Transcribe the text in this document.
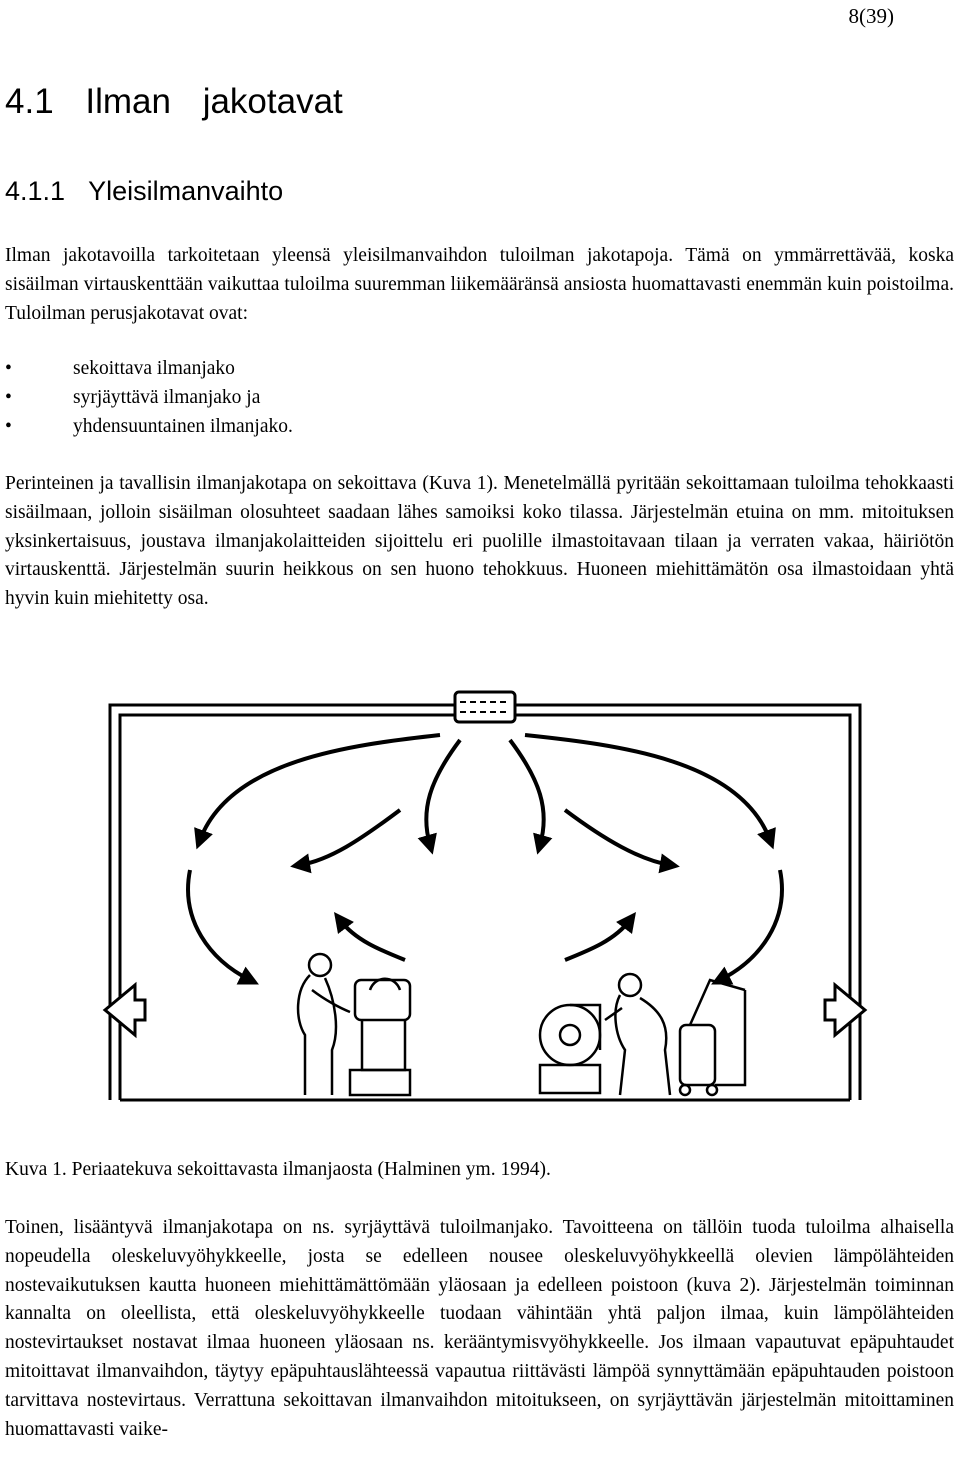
8(39)
4.1 Ilman jakotavat
4.1.1 Yleisilmanvaihto

Ilman jakotavoilla tarkoitetaan yleensä yleisilmanvaihdon tuloilman jakotapoja. Tämä on ymmärrettävää, koska sisäilman virtauskenttään vaikuttaa tuloilma suuremman liikemääränsä ansiosta huomattavasti enemmän kuin poistoilma. Tuloilman perusjakotavat ovat:

•	sekoittava ilmanjako
•	syrjäyttävä ilmanjako ja
•	yhdensuuntainen ilmanjako.

Perinteinen ja tavallisin ilmanjakotapa on sekoittava (Kuva 1). Menetelmällä pyritään sekoittamaan tuloilma tehokkaasti sisäilmaan, jolloin sisäilman olosuhteet saadaan lähes samoiksi koko tilassa. Järjestelmän etuina on mm. mitoituksen yksinkertaisuus, joustava ilmanjakolaitteiden sijoittelu eri puolille ilmastoitavaan tilaan ja verraten vakaa, häiriötön virtauskenttä. Järjestelmän suurin heikkous on sen huono tehokkuus. Huoneen miehittämätön osa ilmastoidaan yhtä hyvin kuin miehitetty osa.

Kuva 1. Periaatekuva sekoittavasta ilmanjaosta (Halminen ym. 1994).

Toinen, lisääntyvä ilmanjakotapa on ns. syrjäyttävä tuloilmanjako. Tavoitteena on tällöin tuoda tuloilma alhaisella nopeudella oleskeluvyöhykkeelle, josta se edelleen nousee oleskeluvyöhykkeellä olevien lämpölähteiden nostevaikutuksen kautta huoneen miehittämättömään yläosaan ja edelleen poistoon (kuva 2). Järjestelmän toiminnan kannalta on oleellista, että oleskeluvyöhykkeelle tuodaan vähintään yhtä paljon ilmaa, kuin lämpölähteiden nostevirtaukset nostavat ilmaa huoneen yläosaan ns. kerääntymisvyöhykkeelle. Jos ilmaan vapautuvat epäpuhtaudet mitoittavat ilmanvaihdon, täytyy epäpuhtauslähteessä vapautua riittävästi lämpöä synnyttämään epäpuhtauden poistoon tarvittava nostevirtaus. Verrattuna sekoittavan ilmanvaihdon mitoitukseen, on syrjäyttävän järjestelmän mitoittaminen huomattavasti vaike-
